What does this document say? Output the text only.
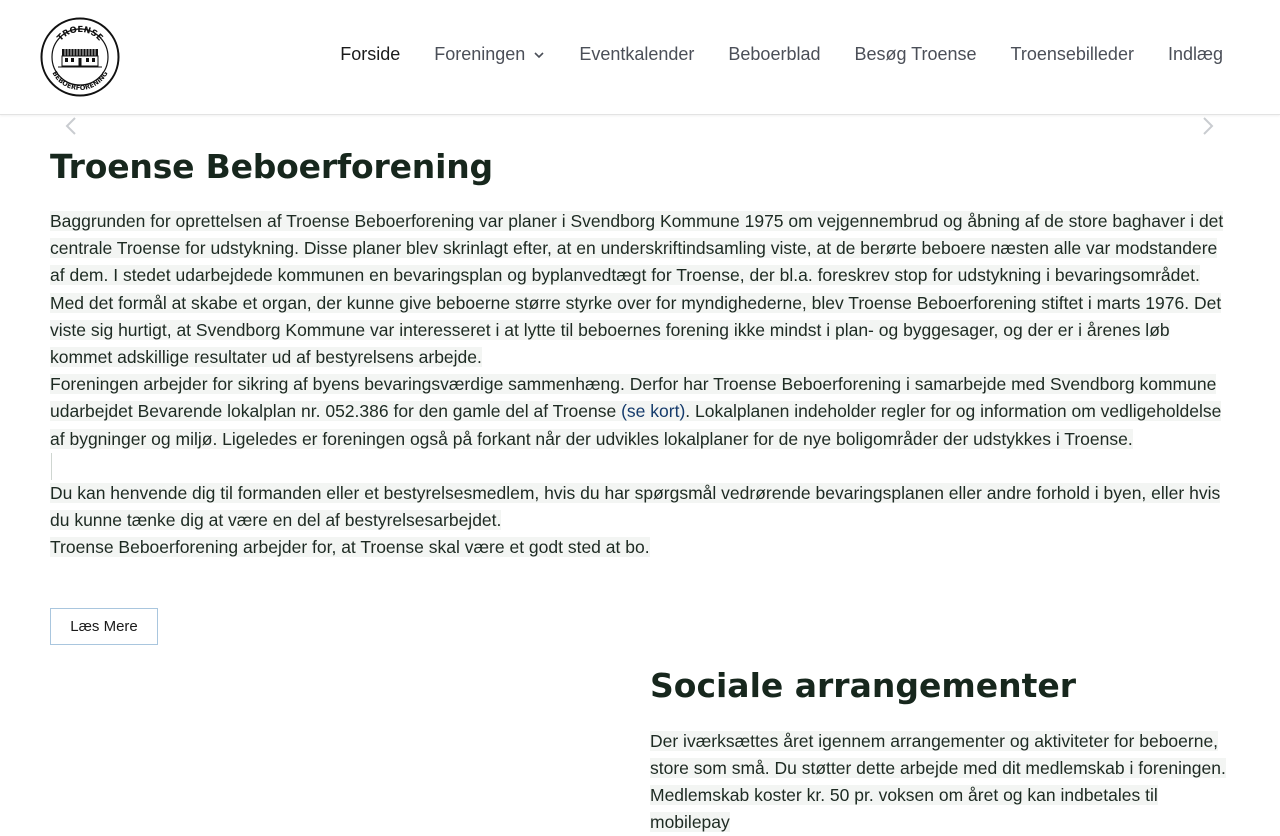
TROENSE
BEBOERFORENING
Forside Foreningen	Eventkalender Beboerblad Besøg Troense Troensebilleder Indlæg
Troense Beboerforening

Baggrunden for oprettelsen af Troense Beboerforening var planer i Svendborg Kommune 1975 om vejgennembrud og åbning af de store baghaver i det centrale Troense for udstykning. Disse planer blev skrinlagt efter, at en underskriftindsamling viste, at de berørte beboere næsten alle var modstandere af dem. I stedet udarbejdede kommunen en bevaringsplan og byplanvedtægt for Troense, der bl.a. foreskrev stop for udstykning i bevaringsområdet. Med det formål at skabe et organ, der kunne give beboerne større styrke over for myndighederne, blev Troense Beboerforening stiftet i marts 1976. Det viste sig hurtigt, at Svendborg Kommune var interesseret i at lytte til beboernes forening ikke mindst i plan- og byggesager, og der er i årenes løb kommet adskillige resultater ud af bestyrelsens arbejde.

Foreningen arbejder for sikring af byens bevaringsværdige sammenhæng. Derfor har Troense Beboerforening i samarbejde med Svendborg kommune udarbejdet Bevarende lokalplan nr. 052.386 for den gamle del af Troense (se kort). Lokalplanen indeholder regler for og information om vedligeholdelse af bygninger og miljø. Ligeledes er foreningen også på forkant når der udvikles lokalplaner for de nye boligområder der udstykkes i Troense.

Du kan henvende dig til formanden eller et bestyrelsesmedlem, hvis du har spørgsmål vedrørende bevaringsplanen eller andre forhold i byen, eller hvis du kunne tænke dig at være en del af bestyrelsesarbejdet.

Troense Beboerforening arbejder for, at Troense skal være et godt sted at bo.

Læs Mere
Sociale arrangementer
Der iværksættes året igennem arrangementer og aktiviteter for beboerne, store som små. Du støtter dette arbejde med dit medlemskab i foreningen. Medlemskab koster kr. 50 pr. voksen om året og kan indbetales til mobilepay
